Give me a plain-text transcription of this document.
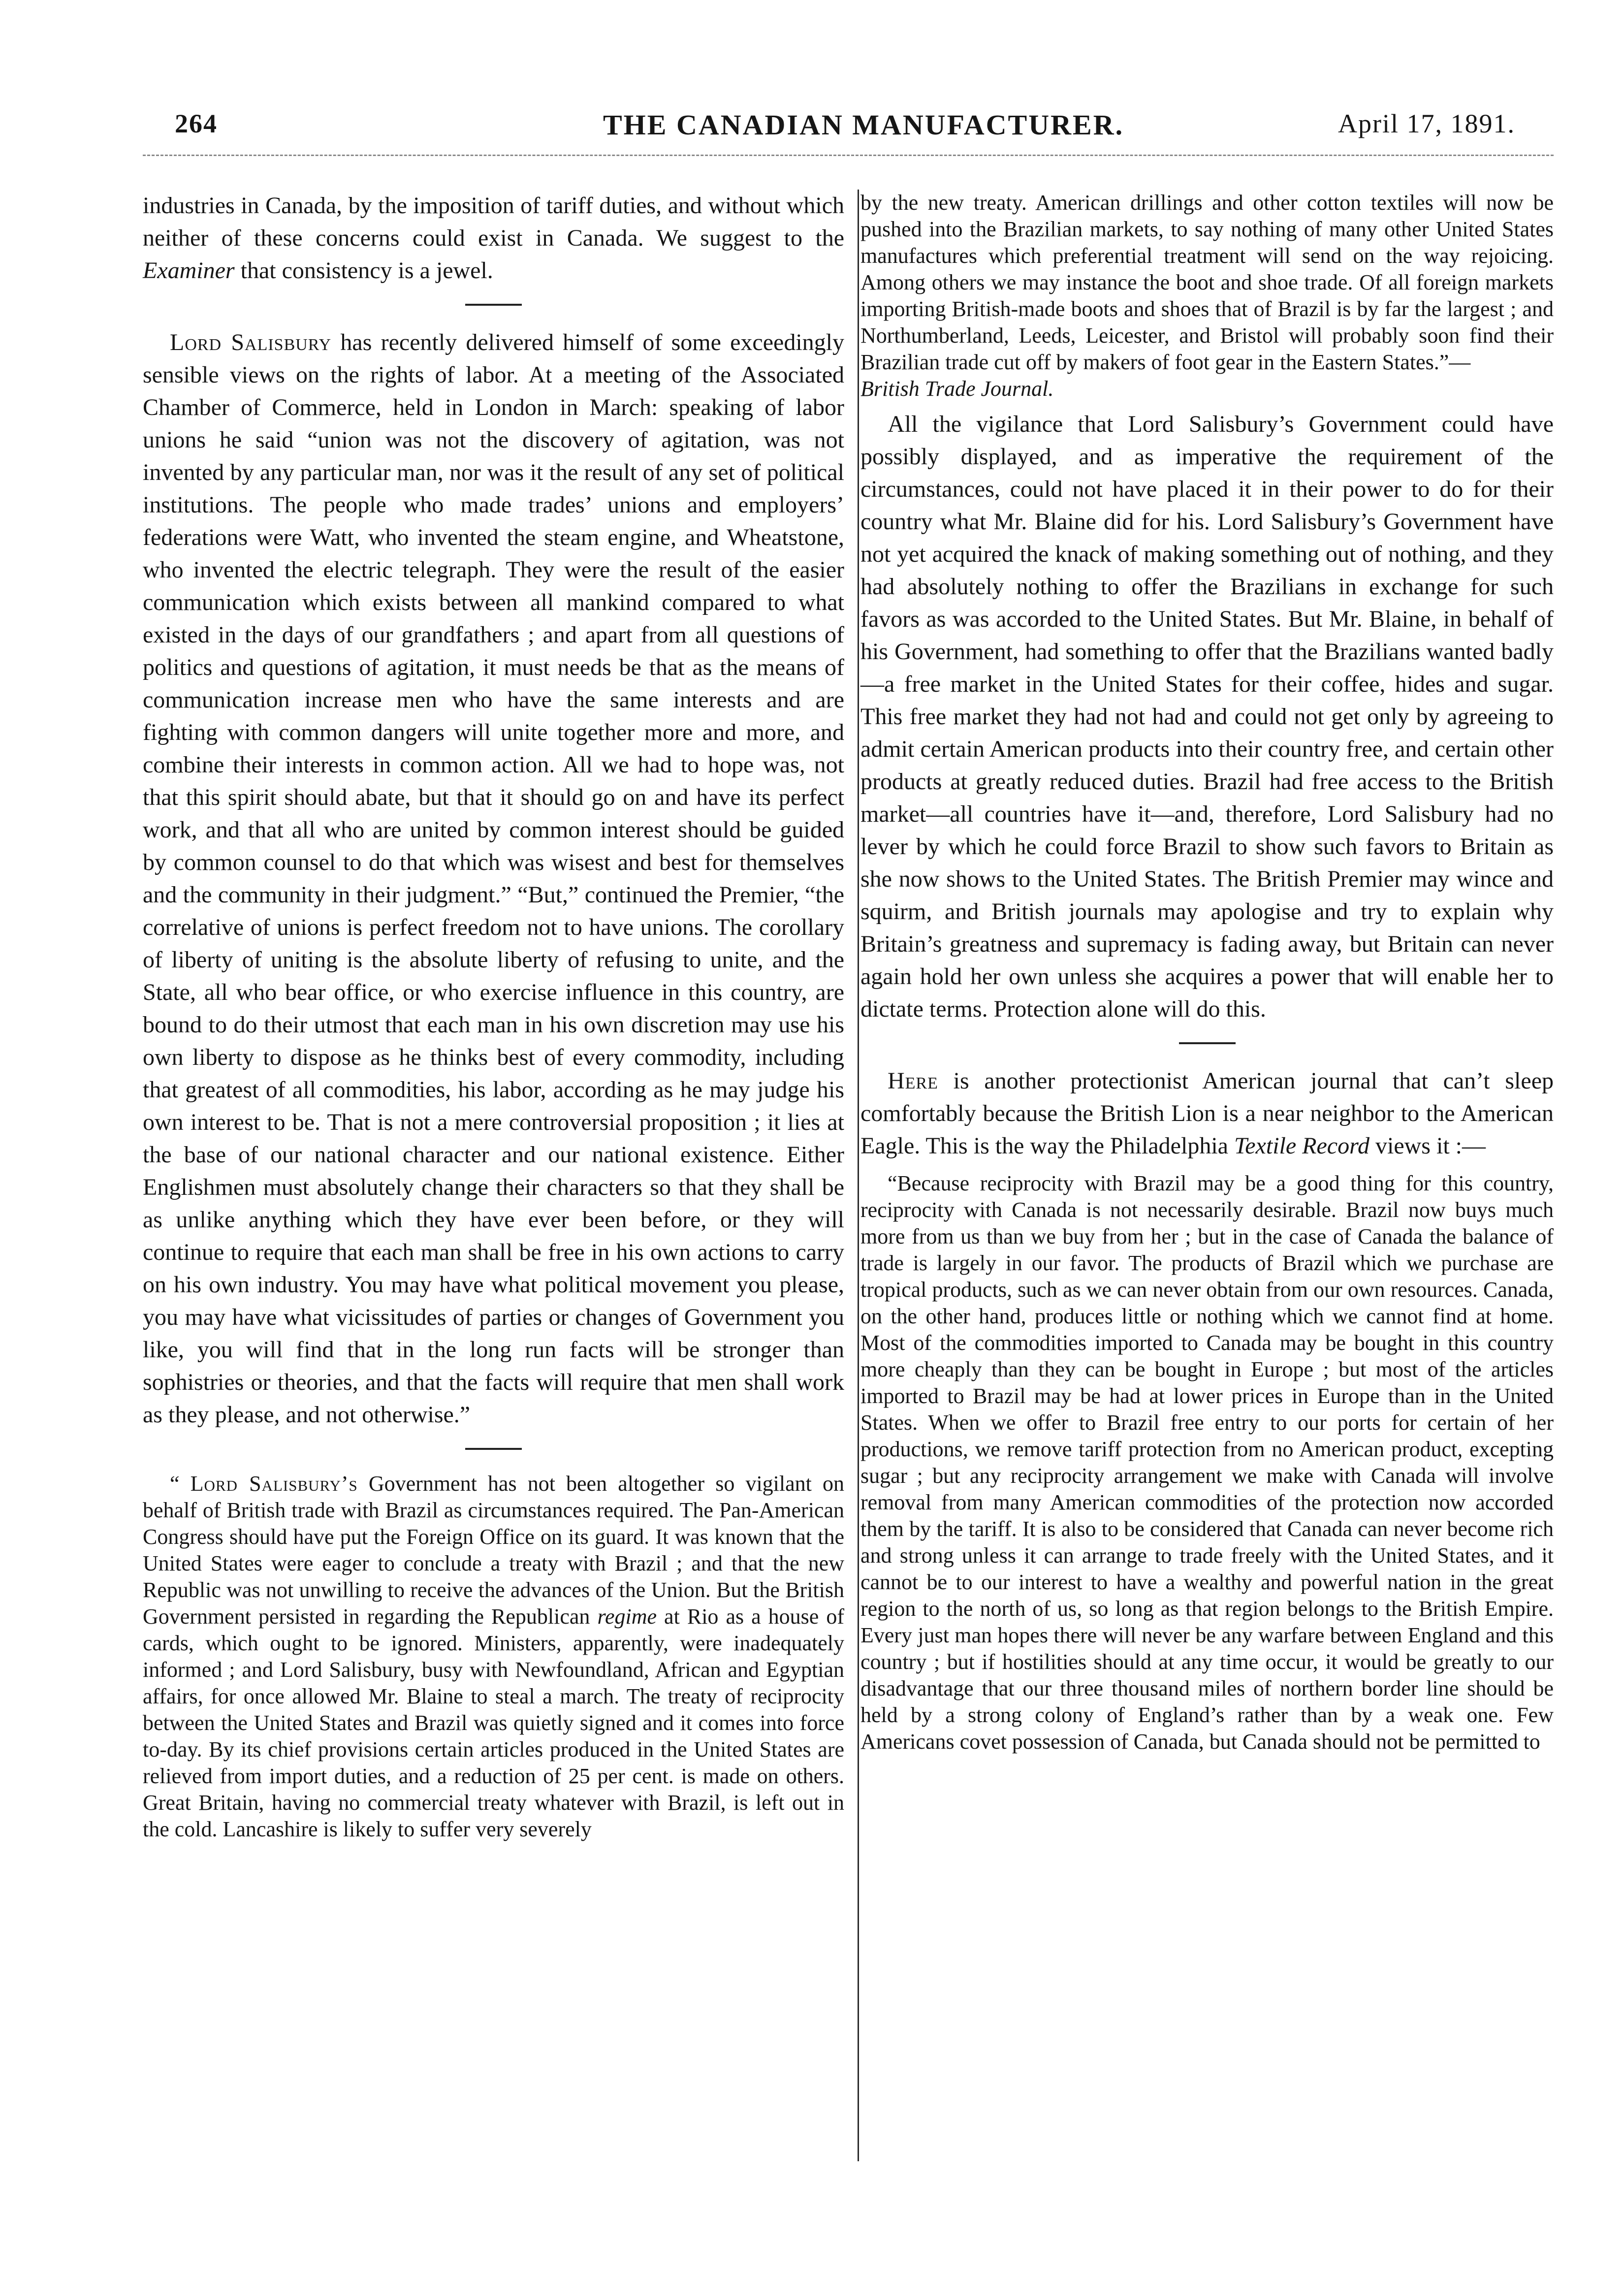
264	THE CANADIAN MANUFACTURER.	April 17, 1891.

industries in Canada, by the imposition of tariff duties, and without which neither of these concerns could exist in Canada. We suggest to the Examiner that consistency is a jewel.

Lord Salisbury has recently delivered himself of some exceedingly sensible views on the rights of labor. At a meeting of the Associated Chamber of Commerce, held in London in March: speaking of labor unions he said “union was not the discovery of agitation, was not invented by any particular man, nor was it the result of any set of political institutions. The people who made trades’ unions and employers’ federations were Watt, who invented the steam engine, and Wheatstone, who invented the electric telegraph. They were the result of the easier communication which exists between all mankind compared to what existed in the days of our grandfathers ; and apart from all questions of politics and questions of agitation, it must needs be that as the means of communication increase men who have the same interests and are fighting with common dangers will unite together more and more, and combine their interests in common action. All we had to hope was, not that this spirit should abate, but that it should go on and have its perfect work, and that all who are united by common interest should be guided by common counsel to do that which was wisest and best for themselves and the community in their judgment.” “But,” continued the Premier, “the correlative of unions is perfect freedom not to have unions. The corollary of liberty of uniting is the absolute liberty of refusing to unite, and the State, all who bear office, or who exercise influence in this country, are bound to do their utmost that each man in his own discretion may use his own liberty to dispose as he thinks best of every commodity, including that greatest of all commodities, his labor, according as he may judge his own interest to be. That is not a mere controversial proposition ; it lies at the base of our national character and our national existence. Either Englishmen must absolutely change their characters so that they shall be as unlike anything which they have ever been before, or they will continue to require that each man shall be free in his own actions to carry on his own industry. You may have what political movement you please, you may have what vicissitudes of parties or changes of Government you like, you will find that in the long run facts will be stronger than sophistries or theories, and that the facts will require that men shall work as they please, and not otherwise.”

“ Lord Salisbury’s Government has not been altogether so vigilant on behalf of British trade with Brazil as circumstances required. The Pan-American Congress should have put the Foreign Office on its guard. It was known that the United States were eager to conclude a treaty with Brazil ; and that the new Republic was not unwilling to receive the advances of the Union. But the British Government persisted in regarding the Republican regime at Rio as a house of cards, which ought to be ignored. Ministers, apparently, were inadequately informed ; and Lord Salisbury, busy with Newfoundland, African and Egyptian affairs, for once allowed Mr. Blaine to steal a march. The treaty of reciprocity between the United States and Brazil was quietly signed and it comes into force to-day. By its chief provisions certain articles produced in the United States are relieved from import duties, and a reduction of 25 per cent. is made on others. Great Britain, having no commercial treaty whatever with Brazil, is left out in the cold. Lancashire is likely to suffer very severely

by the new treaty. American drillings and other cotton textiles will now be pushed into the Brazilian markets, to say nothing of many other United States manufactures which preferential treatment will send on the way rejoicing. Among others we may instance the boot and shoe trade. Of all foreign markets importing British-made boots and shoes that of Brazil is by far the largest ; and Northumberland, Leeds, Leicester, and Bristol will probably soon find their Brazilian trade cut off by makers of foot gear in the Eastern States.”—
British Trade Journal.

All the vigilance that Lord Salisbury’s Government could have possibly displayed, and as imperative the requirement of the circumstances, could not have placed it in their power to do for their country what Mr. Blaine did for his. Lord Salisbury’s Government have not yet acquired the knack of making something out of nothing, and they had absolutely nothing to offer the Brazilians in exchange for such favors as was accorded to the United States. But Mr. Blaine, in behalf of his Government, had something to offer that the Brazilians wanted badly—a free market in the United States for their coffee, hides and sugar. This free market they had not had and could not get only by agreeing to admit certain American products into their country free, and certain other products at greatly reduced duties. Brazil had free access to the British market—all countries have it—and, therefore, Lord Salisbury had no lever by which he could force Brazil to show such favors to Britain as she now shows to the United States. The British Premier may wince and squirm, and British journals may apologise and try to explain why Britain’s greatness and supremacy is fading away, but Britain can never again hold her own unless she acquires a power that will enable her to dictate terms. Protection alone will do this.

Here is another protectionist American journal that can’t sleep comfortably because the British Lion is a near neighbor to the American Eagle. This is the way the Philadelphia Textile Record views it :—

“Because reciprocity with Brazil may be a good thing for this country, reciprocity with Canada is not necessarily desirable. Brazil now buys much more from us than we buy from her ; but in the case of Canada the balance of trade is largely in our favor. The products of Brazil which we purchase are tropical products, such as we can never obtain from our own resources. Canada, on the other hand, produces little or nothing which we cannot find at home. Most of the commodities imported to Canada may be bought in this country more cheaply than they can be bought in Europe ; but most of the articles imported to Brazil may be had at lower prices in Europe than in the United States. When we offer to Brazil free entry to our ports for certain of her productions, we remove tariff protection from no American product, excepting sugar ; but any reciprocity arrangement we make with Canada will involve removal from many American commodities of the protection now accorded them by the tariff. It is also to be considered that Canada can never become rich and strong unless it can arrange to trade freely with the United States, and it cannot be to our interest to have a wealthy and powerful nation in the great region to the north of us, so long as that region belongs to the British Empire. Every just man hopes there will never be any warfare between England and this country ; but if hostilities should at any time occur, it would be greatly to our disadvantage that our three thousand miles of northern border line should be held by a strong colony of England’s rather than by a weak one. Few Americans covet possession of Canada, but Canada should not be permitted to
